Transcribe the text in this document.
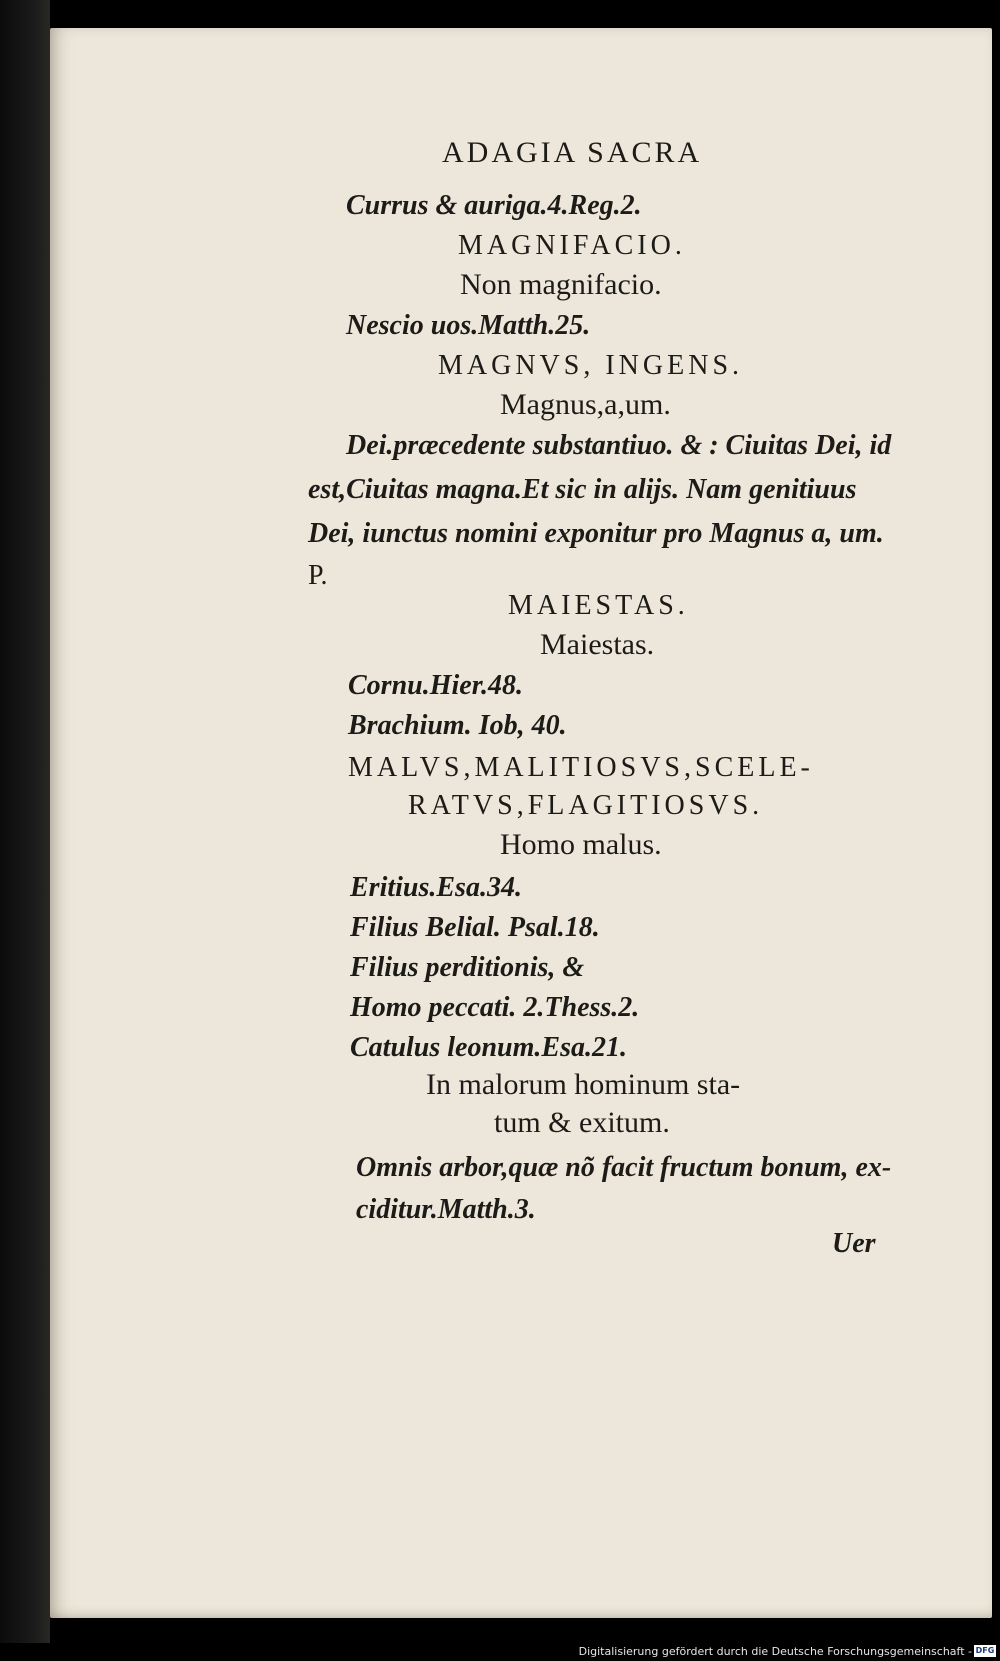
ADAGIA SACRA
Currus & auriga.4.Reg.2.
MAGNIFACIO.
Non magnifacio.
Nescio uos.Matth.25.
MAGNVS, INGENS.
Magnus,a,um.
Dei.præcedente substantiuo. & : Ciuitas Dei, id
est,Ciuitas magna.Et sic in alijs. Nam genitiuus
Dei, iunctus nomini exponitur pro Magnus a, um.
P.
MAIESTAS.
Maiestas.
Cornu.Hier.48.
Brachium. Iob, 40.
MALVS,MALITIOSVS,SCELE-
RATVS,FLAGITIOSVS.
Homo malus.
Eritius.Esa.34.
Filius Belial. Psal.18.
Filius perditionis, &
Homo peccati. 2.Thess.2.
Catulus leonum.Esa.21.
In malorum hominum sta-
tum & exitum.
Omnis arbor,quæ nõ facit fructum bonum, ex-
ciditur.Matth.3.
Uer
Digitalisierung gefördert durch die Deutsche Forschungsgemeinschaft - DFG
